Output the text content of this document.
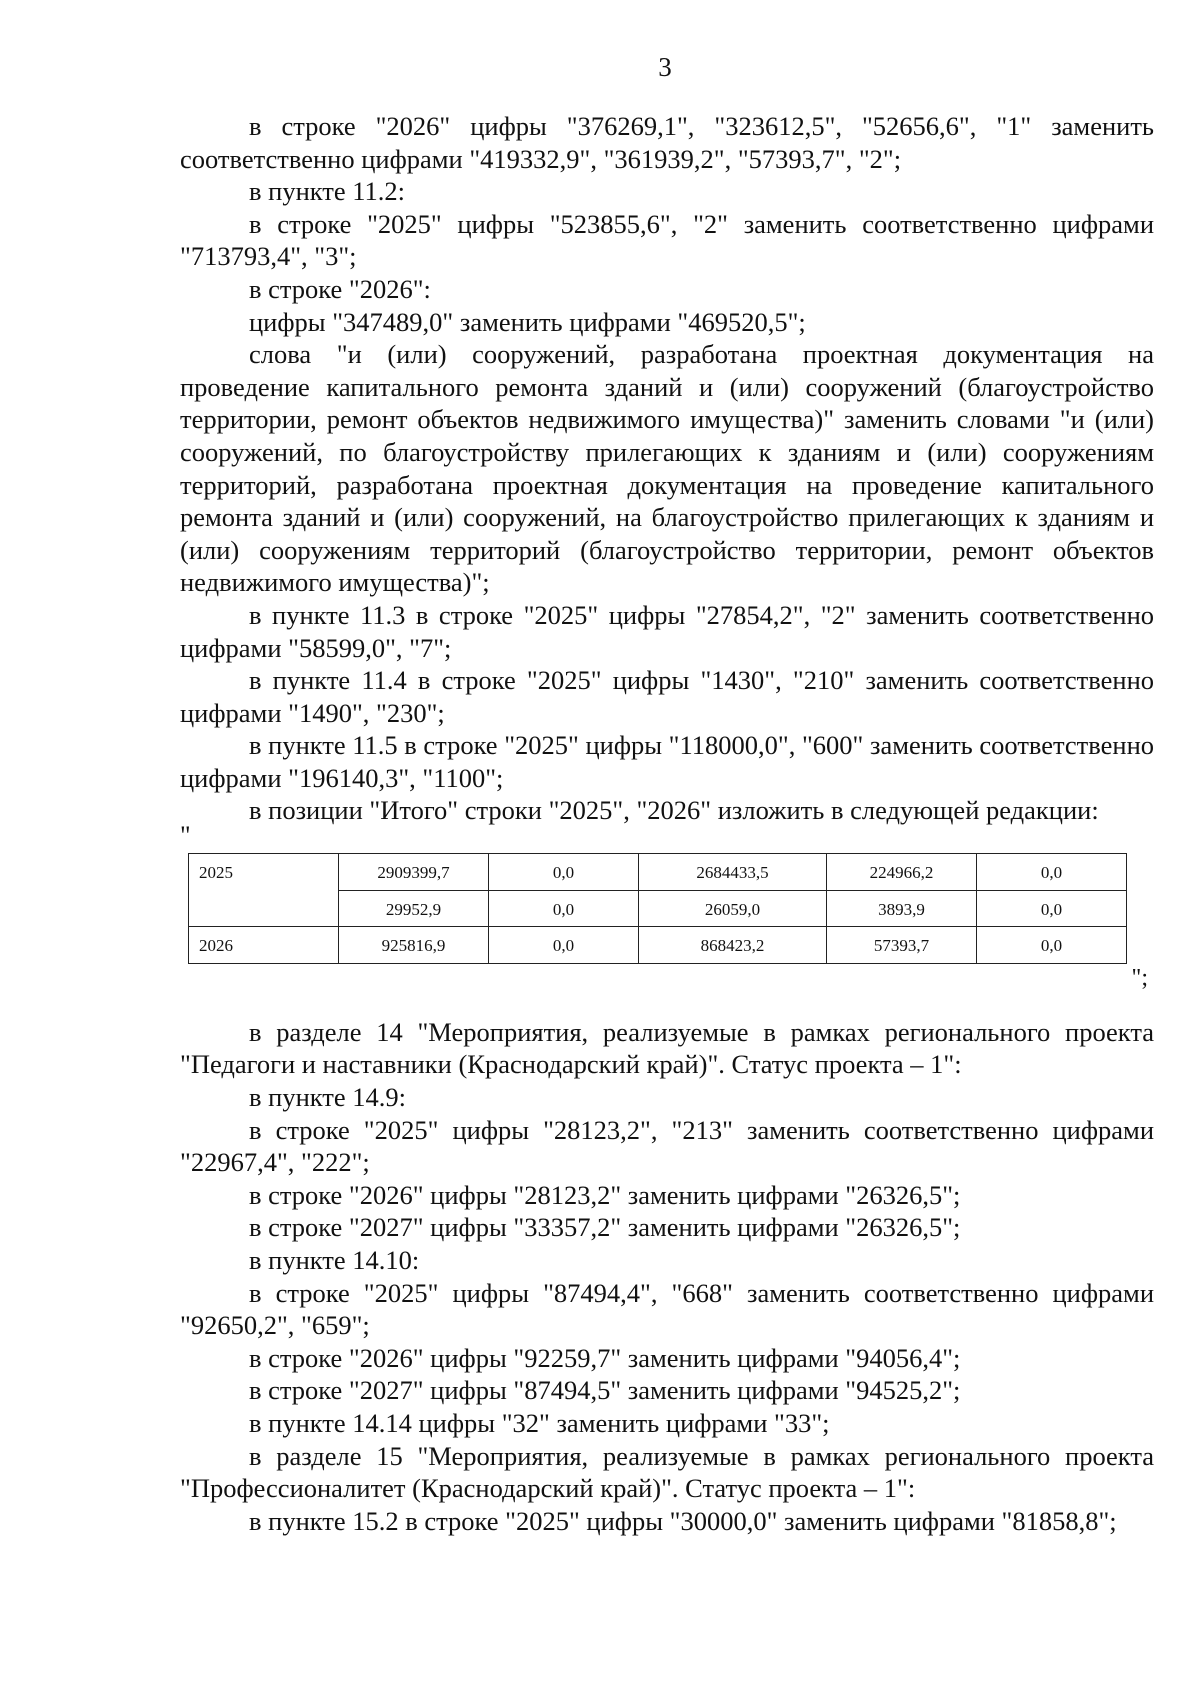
3

в строке "2026" цифры "376269,1", "323612,5", "52656,6", "1" заменить соответственно цифрами "419332,9", "361939,2", "57393,7", "2";

в пункте 11.2:

в строке "2025" цифры "523855,6", "2" заменить соответственно цифрами "713793,4", "3";

в строке "2026":

цифры "347489,0" заменить цифрами "469520,5";

слова "и (или) сооружений, разработана проектная документация на проведение капитального ремонта зданий и (или) сооружений (благоустройство территории, ремонт объектов недвижимого имущества)" заменить словами "и (или) сооружений, по благоустройству прилегающих к зданиям и (или) сооружениям территорий, разработана проектная документация на проведение капитального ремонта зданий и (или) сооружений, на благоустройство прилегающих к зданиям и (или) сооружениям территорий (благоустройство территории, ремонт объектов недвижимого имущества)";

в пункте 11.3 в строке "2025" цифры "27854,2", "2" заменить соответственно цифрами "58599,0", "7";

в пункте 11.4 в строке "2025" цифры "1430", "210" заменить соответственно цифрами "1490", "230";

в пункте 11.5 в строке "2025" цифры "118000,0", "600" заменить соответственно цифрами "196140,3", "1100";

в позиции "Итого" строки "2025", "2026" изложить в следующей редакции:

"
2025	2909399,7	0,0	2684433,5	224966,2	0,0
	29952,9	0,0	26059,0	3893,9	0,0
2026	925816,9	0,0	868423,2	57393,7	0,0
";

в разделе 14 "Мероприятия, реализуемые в рамках регионального проекта "Педагоги и наставники (Краснодарский край)". Статус проекта – 1":

в пункте 14.9:

в строке "2025" цифры "28123,2", "213" заменить соответственно цифрами "22967,4", "222";

в строке "2026" цифры "28123,2" заменить цифрами "26326,5";

в строке "2027" цифры "33357,2" заменить цифрами "26326,5";

в пункте 14.10:

в строке "2025" цифры "87494,4", "668" заменить соответственно цифрами "92650,2", "659";

в строке "2026" цифры "92259,7" заменить цифрами "94056,4";

в строке "2027" цифры "87494,5" заменить цифрами "94525,2";

в пункте 14.14 цифры "32" заменить цифрами "33";

в разделе 15 "Мероприятия, реализуемые в рамках регионального проекта "Профессионалитет (Краснодарский край)". Статус проекта – 1":

в пункте 15.2 в строке "2025" цифры "30000,0" заменить цифрами "81858,8";
